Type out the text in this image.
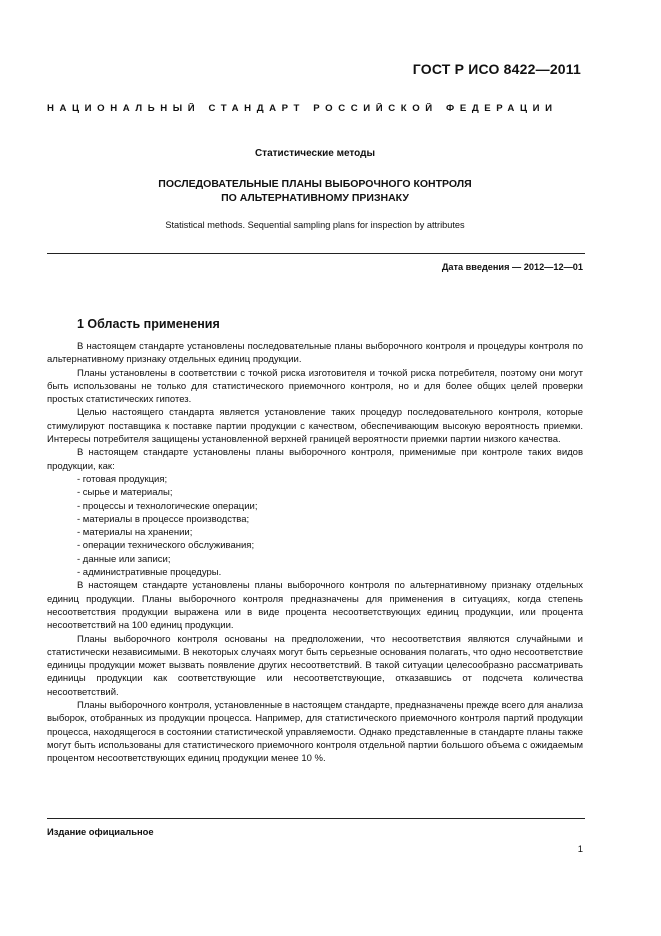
ГОСТ Р ИСО 8422—2011
НАЦИОНАЛЬНЫЙ СТАНДАРТ РОССИЙСКОЙ ФЕДЕРАЦИИ
Статистические методы
ПОСЛЕДОВАТЕЛЬНЫЕ ПЛАНЫ ВЫБОРОЧНОГО КОНТРОЛЯ
ПО АЛЬТЕРНАТИВНОМУ ПРИЗНАКУ
Statistical methods. Sequential sampling plans for inspection by attributes
Дата введения — 2012—12—01
1 Область применения

В настоящем стандарте установлены последовательные планы выборочного контроля и процедуры контроля по альтернативному признаку отдельных единиц продукции.

Планы установлены в соответствии с точкой риска изготовителя и точкой риска потребителя, поэтому они могут быть использованы не только для статистического приемочного контроля, но и для более общих целей проверки простых статистических гипотез.

Целью настоящего стандарта является установление таких процедур последовательного контроля, которые стимулируют поставщика к поставке партии продукции с качеством, обеспечивающим высокую вероятность приемки. Интересы потребителя защищены установленной верхней границей вероятности приемки партии низкого качества.

В настоящем стандарте установлены планы выборочного контроля, применимые при контроле таких видов продукции, как:

- готовая продукция;
- сырье и материалы;
- процессы и технологические операции;
- материалы в процессе производства;
- материалы на хранении;
- операции технического обслуживания;
- данные или записи;
- административные процедуры.

В настоящем стандарте установлены планы выборочного контроля по альтернативному признаку отдельных единиц продукции. Планы выборочного контроля предназначены для применения в ситуациях, когда степень несоответствия продукции выражена или в виде процента несоответствующих единиц продукции, или процента несоответствий на 100 единиц продукции.

Планы выборочного контроля основаны на предположении, что несоответствия являются случайными и статистически независимыми. В некоторых случаях могут быть серьезные основания полагать, что одно несоответствие единицы продукции может вызвать появление других несоответствий. В такой ситуации целесообразно рассматривать единицы продукции как соответствующие или несоответствующие, отказавшись от подсчета количества несоответствий.

Планы выборочного контроля, установленные в настоящем стандарте, предназначены прежде всего для анализа выборок, отобранных из продукции процесса. Например, для статистического приемочного контроля партий продукции процесса, находящегося в состоянии статистической управляемости. Однако представленные в стандарте планы также могут быть использованы для статистического приемочного контроля отдельной партии большого объема с ожидаемым процентом несоответствующих единиц продукции менее 10 %.

Издание официальное
1
